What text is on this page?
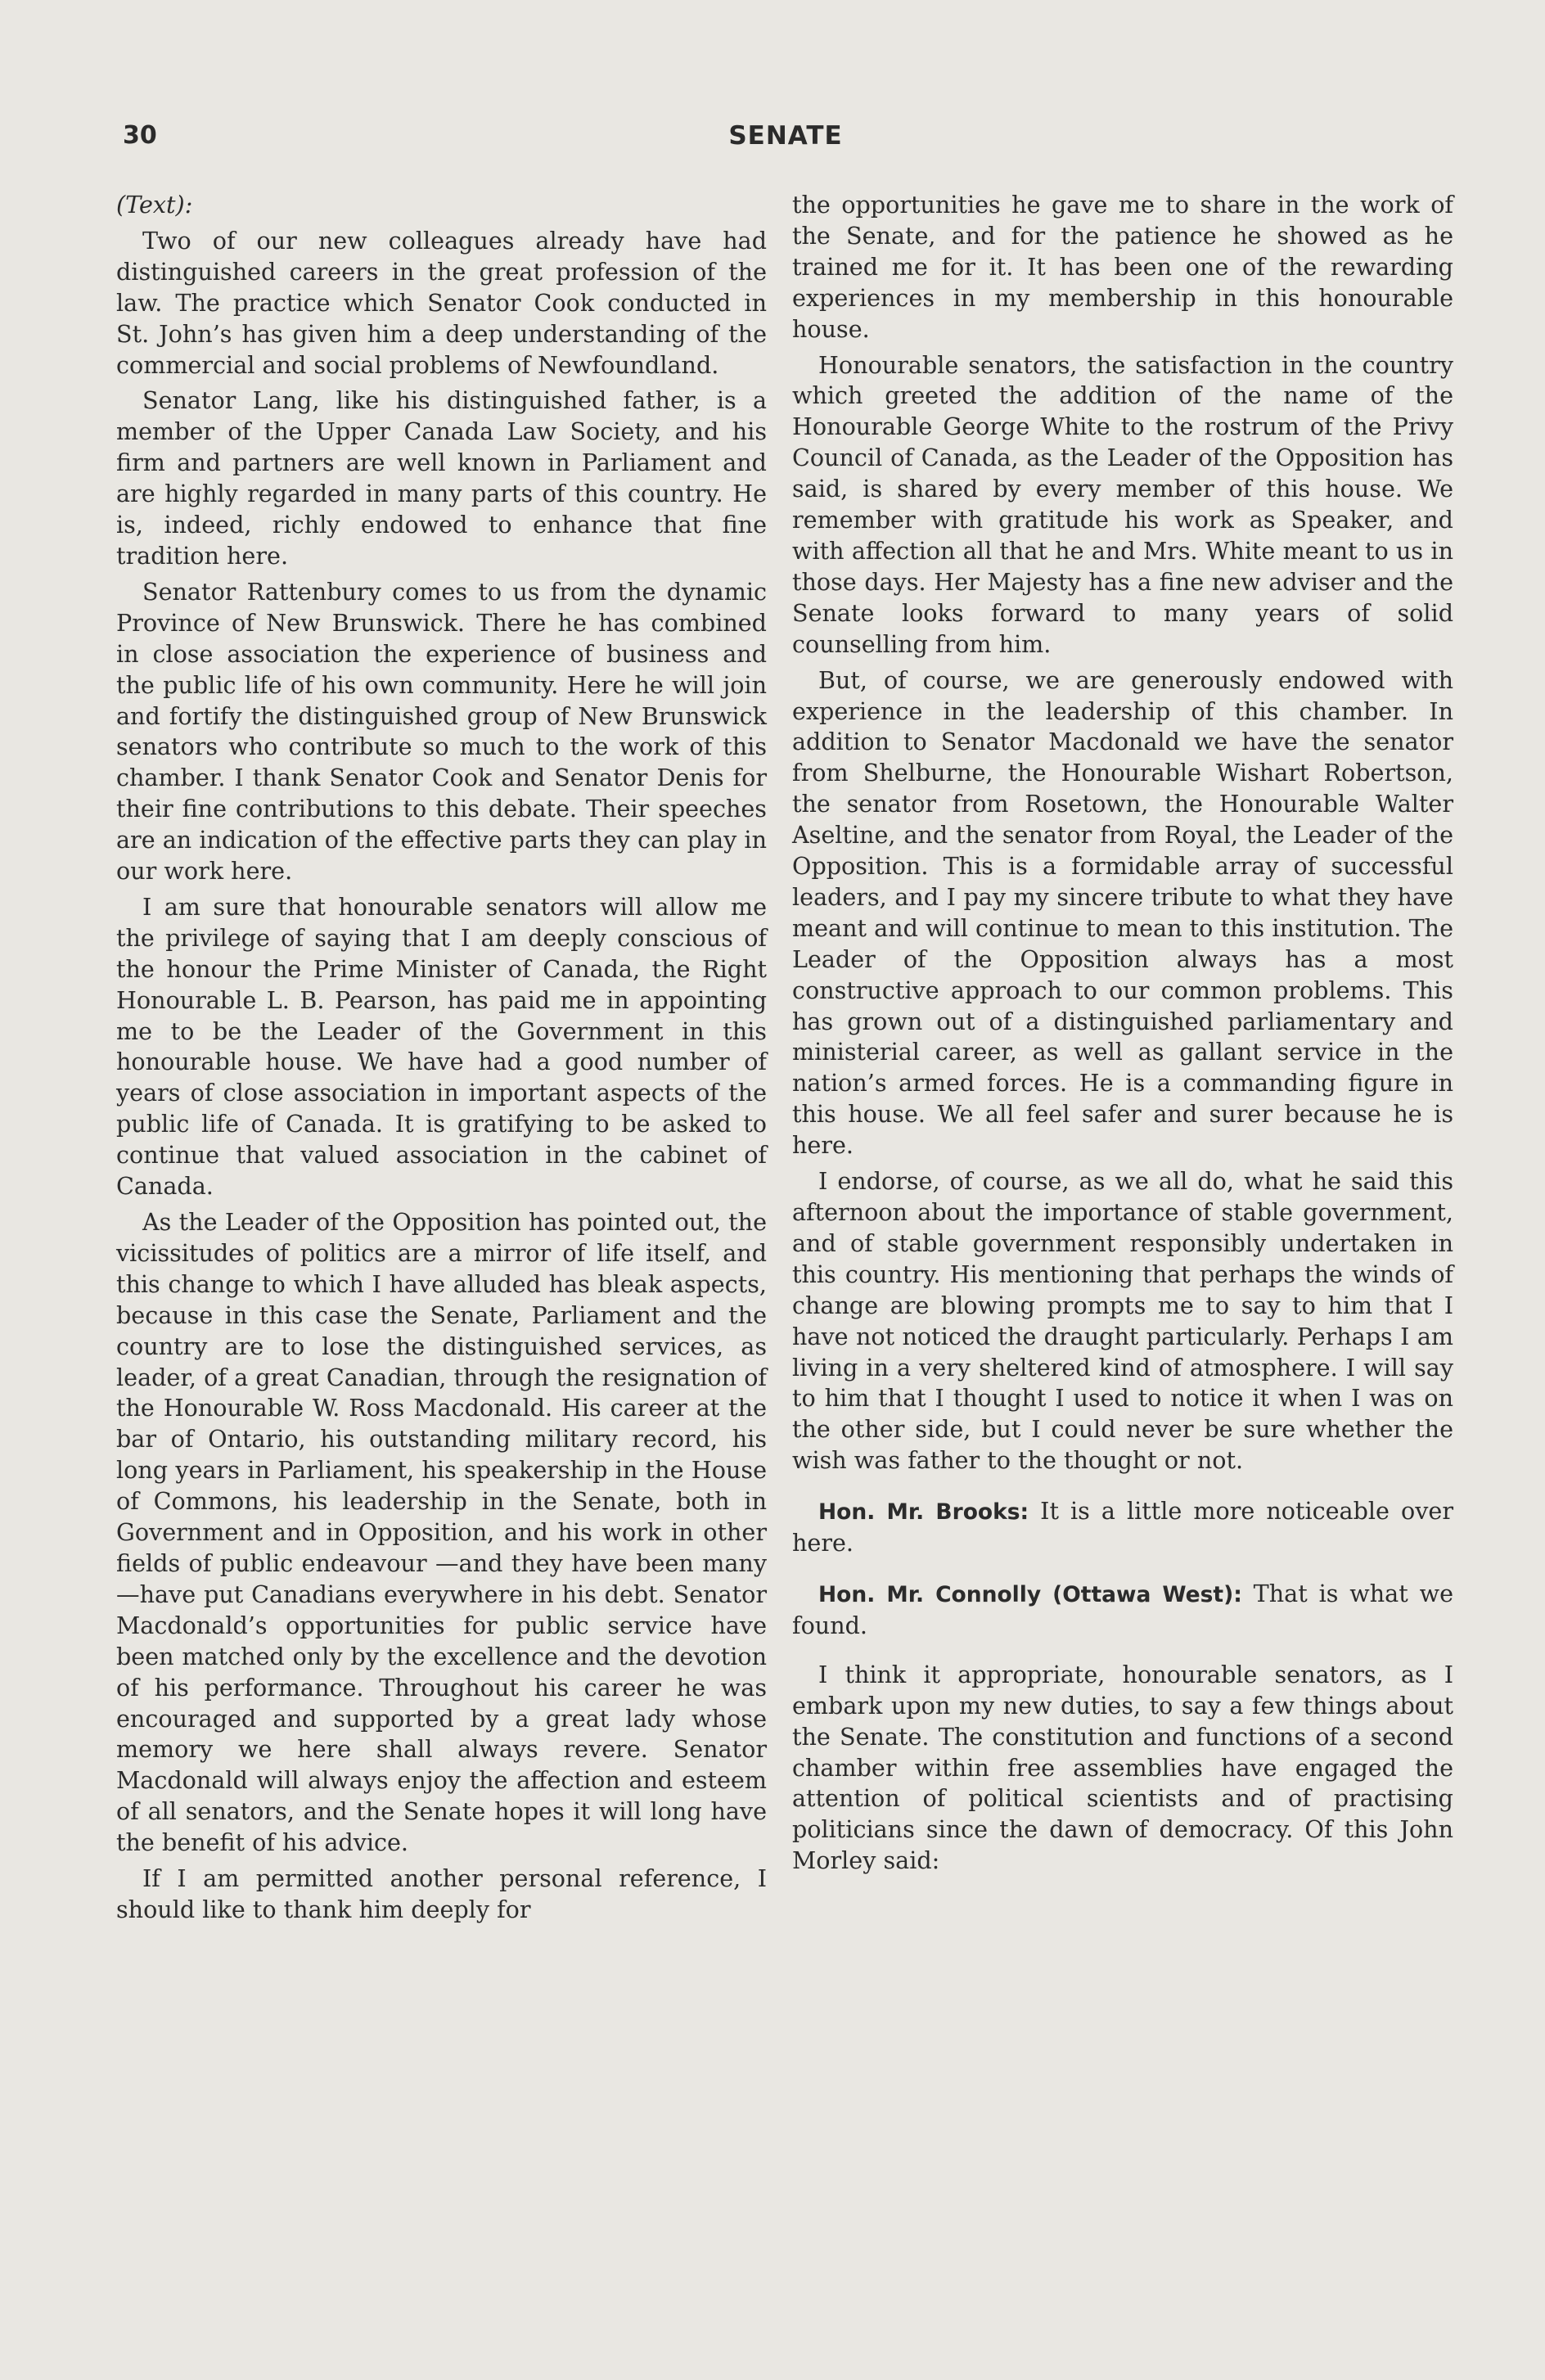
30	SENATE

(Text):

Two of our new colleagues already have had distinguished careers in the great profession of the law. The practice which Senator Cook conducted in St. John’s has given him a deep understanding of the commercial and social problems of Newfoundland.

Senator Lang, like his distinguished father, is a member of the Upper Canada Law Society, and his firm and partners are well known in Parliament and are highly regarded in many parts of this country. He is, indeed, richly endowed to enhance that fine tradition here.

Senator Rattenbury comes to us from the dynamic Province of New Brunswick. There he has combined in close association the experience of business and the public life of his own community. Here he will join and fortify the distinguished group of New Brunswick senators who contribute so much to the work of this chamber. I thank Senator Cook and Senator Denis for their fine contributions to this debate. Their speeches are an indication of the effective parts they can play in our work here.

I am sure that honourable senators will allow me the privilege of saying that I am deeply conscious of the honour the Prime Minister of Canada, the Right Honourable L. B. Pearson, has paid me in appointing me to be the Leader of the Government in this honourable house. We have had a good number of years of close association in important aspects of the public life of Canada. It is gratifying to be asked to continue that valued association in the cabinet of Canada.

As the Leader of the Opposition has pointed out, the vicissitudes of politics are a mirror of life itself, and this change to which I have alluded has bleak aspects, because in this case the Senate, Parliament and the country are to lose the distinguished services, as leader, of a great Canadian, through the resignation of the Honourable W. Ross Macdonald. His career at the bar of Ontario, his outstanding military record, his long years in Parliament, his speakership in the House of Commons, his leadership in the Senate, both in Government and in Opposition, and his work in other fields of public endeavour —and they have been many—have put Canadians everywhere in his debt. Senator Macdonald’s opportunities for public service have been matched only by the excellence and the devotion of his performance. Throughout his career he was encouraged and supported by a great lady whose memory we here shall always revere. Senator Macdonald will always enjoy the affection and esteem of all senators, and the Senate hopes it will long have the benefit of his advice.

If I am permitted another personal reference, I should like to thank him deeply for

the opportunities he gave me to share in the work of the Senate, and for the patience he showed as he trained me for it. It has been one of the rewarding experiences in my membership in this honourable house.

Honourable senators, the satisfaction in the country which greeted the addition of the name of the Honourable George White to the rostrum of the Privy Council of Canada, as the Leader of the Opposition has said, is shared by every member of this house. We remember with gratitude his work as Speaker, and with affection all that he and Mrs. White meant to us in those days. Her Majesty has a fine new adviser and the Senate looks forward to many years of solid counselling from him.

But, of course, we are generously endowed with experience in the leadership of this chamber. In addition to Senator Macdonald we have the senator from Shelburne, the Honourable Wishart Robertson, the senator from Rosetown, the Honourable Walter Aseltine, and the senator from Royal, the Leader of the Opposition. This is a formidable array of successful leaders, and I pay my sincere tribute to what they have meant and will continue to mean to this institution. The Leader of the Opposition always has a most constructive approach to our common problems. This has grown out of a distinguished parliamentary and ministerial career, as well as gallant service in the nation’s armed forces. He is a commanding figure in this house. We all feel safer and surer because he is here.

I endorse, of course, as we all do, what he said this afternoon about the importance of stable government, and of stable government responsibly undertaken in this country. His mentioning that perhaps the winds of change are blowing prompts me to say to him that I have not noticed the draught particularly. Perhaps I am living in a very sheltered kind of atmosphere. I will say to him that I thought I used to notice it when I was on the other side, but I could never be sure whether the wish was father to the thought or not.

Hon. Mr. Brooks: It is a little more noticeable over here.

Hon. Mr. Connolly (Ottawa West): That is what we found.

I think it appropriate, honourable senators, as I embark upon my new duties, to say a few things about the Senate. The constitution and functions of a second chamber within free assemblies have engaged the attention of political scientists and of practising politicians since the dawn of democracy. Of this John Morley said:
